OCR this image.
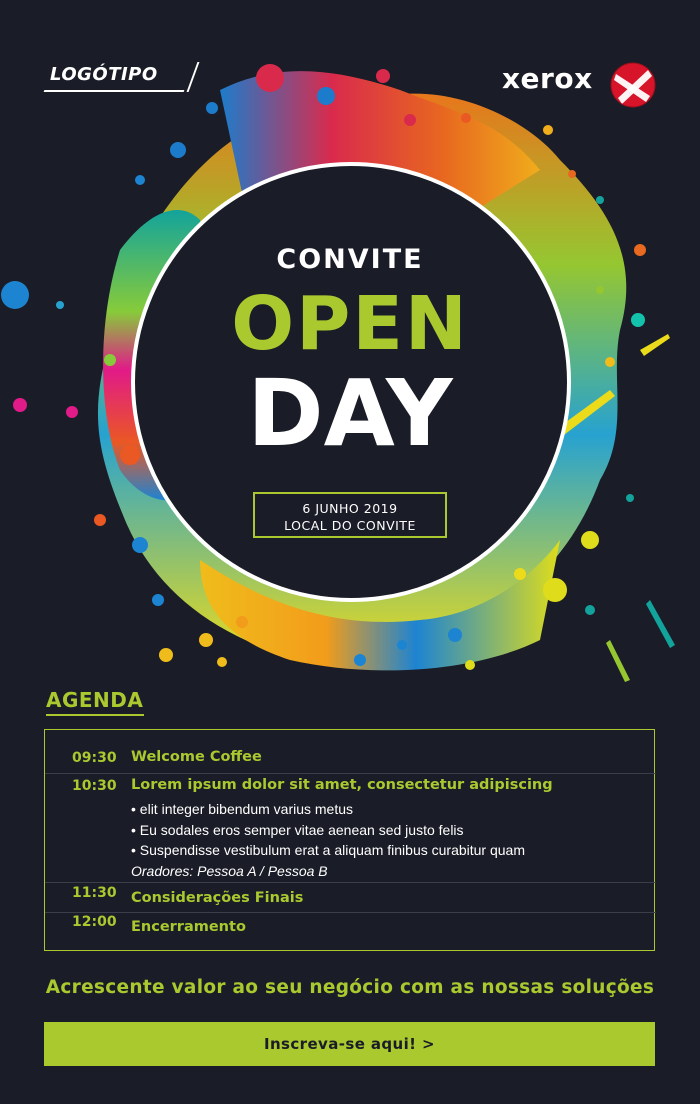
LOGÓTIPO	xerox
CONVITE
OPEN
DAY
6 JUNHO 2019
LOCAL DO CONVITE
AGENDA
09:30 Welcome Coffee
10:30 Lorem ipsum dolor sit amet, consectetur adipiscing
• elit integer bibendum varius metus
• Eu sodales eros semper vitae aenean sed justo felis
• Suspendisse vestibulum erat a aliquam finibus curabitur quam
Oradores: Pessoa A / Pessoa B
11:30 Considerações Finais
12:00 Encerramento
Acrescente valor ao seu negócio com as nossas soluções
Inscreva-se aqui! >
